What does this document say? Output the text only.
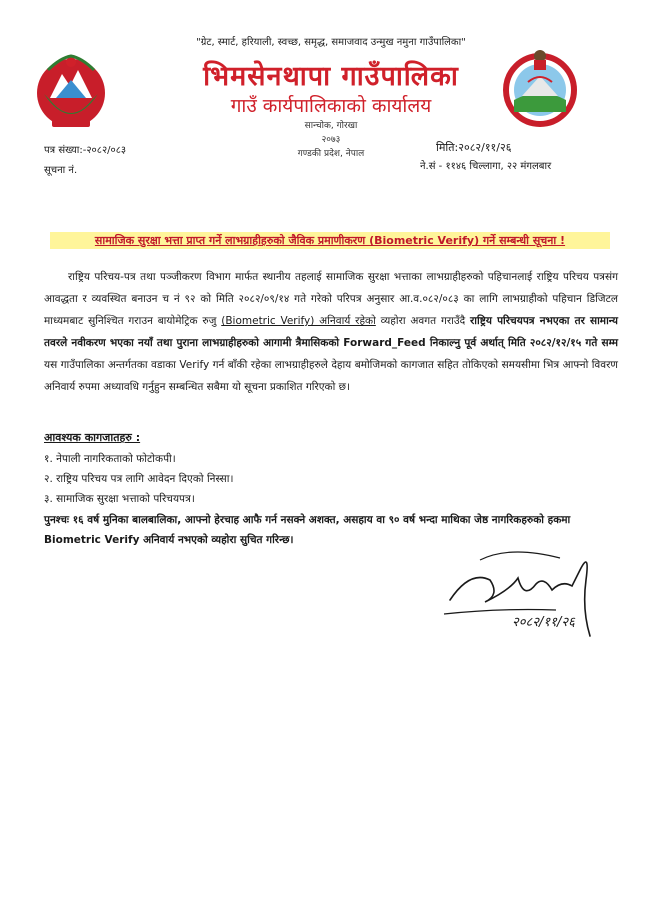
"ग्रेट, स्मार्ट, हरियाली, स्वच्छ, समृद्ध, समाजवाद उन्मुख नमुना गाउँपालिका"
भिमसेनथापा गाउँपालिका
गाउँ कार्यपालिकाको कार्यालय
सान्चोक, गोरखा
२०७३
गण्डकी प्रदेश, नेपाल
पत्र संख्या:-२०८२/०८३
सूचना नं.
मिति:२०८२/११/२६
ने.सं - ११४६ चिल्लागा, २२ मंगलबार
सामाजिक सुरक्षा भत्ता प्राप्त गर्ने लाभग्राहीहरुको जैविक प्रमाणीकरण (Biometric Verify) गर्ने सम्बन्धी सूचना !

राष्ट्रिय परिचय-पत्र तथा पञ्जीकरण विभाग मार्फत स्थानीय तहलाई सामाजिक सुरक्षा भत्ताका लाभग्राहीहरुको पहिचानलाई राष्ट्रिय परिचय पत्रसंग आवद्धता र व्यवस्थित बनाउन च नं ९२ को मिति २०८२/०९/१४ गते गरेको परिपत्र अनुसार आ.व.०८२/०८३ का लागि लाभग्राहीको पहिचान डिजिटल माध्यमबाट सुनिश्चित गराउन बायोमेट्रिक रुजु (Biometric Verify) अनिवार्य रहेको व्यहोरा अवगत गराउँदै राष्ट्रिय परिचयपत्र नभएका तर सामान्य तवरले नवीकरण भएका नयाँ तथा पुराना लाभग्राहीहरुको आगामी त्रैमासिकको Forward_Feed निकाल्नु पूर्व अर्थात् मिति २०८२/१२/१५ गते सम्म यस गाउँपालिका अन्तर्गतका वडाका Verify गर्न बाँकी रहेका लाभग्राहीहरुले देहाय बमोजिमको कागजात सहित तोकिएको समयसीमा भित्र आफ्नो विवरण अनिवार्य रुपमा अध्यावधि गर्नुहुन सम्बन्धित सबैमा यो सूचना प्रकाशित गरिएको छ।

आवश्यक कागजातहरु :
१. नेपाली नागरिकताको फोटोकपी।
२. राष्ट्रिय परिचय पत्र लागि आवेदन दिएको निस्सा।
३. सामाजिक सुरक्षा भत्ताको परिचयपत्र।

पुनश्चः १६ वर्ष मुनिका बालबालिका, आफ्नो हेरचाह आफै गर्न नसक्ने अशक्त, असहाय वा ९० वर्ष भन्दा माथिका जेष्ठ नागरिकहरुको हकमा Biometric Verify अनिवार्य नभएको व्यहोरा सुचित गरिन्छ।

२०८२/११/२६
